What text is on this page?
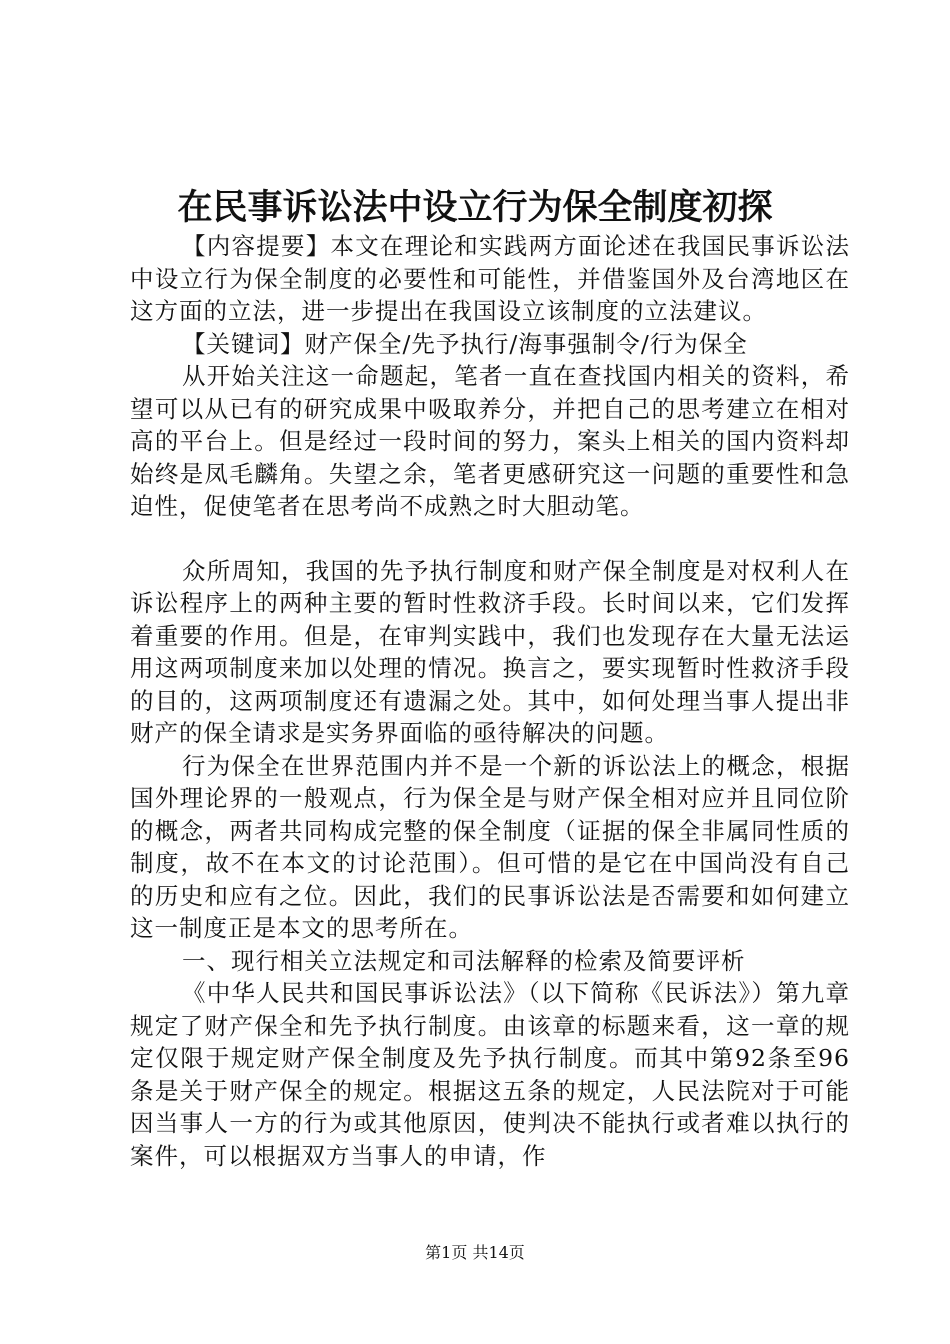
在民事诉讼法中设立行为保全制度初探

【内容提要】本文在理论和实践两方面论述在我国民事诉讼法中设立行为保全制度的必要性和可能性，并借鉴国外及台湾地区在这方面的立法，进一步提出在我国设立该制度的立法建议。

【关键词】财产保全/先予执行/海事强制令/行为保全

从开始关注这一命题起，笔者一直在查找国内相关的资料，希望可以从已有的研究成果中吸取养分，并把自己的思考建立在相对高的平台上。但是经过一段时间的努力，案头上相关的国内资料却始终是凤毛麟角。失望之余，笔者更感研究这一问题的重要性和急迫性，促使笔者在思考尚不成熟之时大胆动笔。

众所周知，我国的先予执行制度和财产保全制度是对权利人在诉讼程序上的两种主要的暂时性救济手段。长时间以来，它们发挥着重要的作用。但是，在审判实践中，我们也发现存在大量无法运用这两项制度来加以处理的情况。换言之，要实现暂时性救济手段的目的，这两项制度还有遗漏之处。其中，如何处理当事人提出非财产的保全请求是实务界面临的亟待解决的问题。

行为保全在世界范围内并不是一个新的诉讼法上的概念，根据国外理论界的一般观点，行为保全是与财产保全相对应并且同位阶的概念，两者共同构成完整的保全制度（证据的保全非属同性质的制度，故不在本文的讨论范围）。但可惜的是它在中国尚没有自己的历史和应有之位。因此，我们的民事诉讼法是否需要和如何建立这一制度正是本文的思考所在。

一、现行相关立法规定和司法解释的检索及简要评析

《中华人民共和国民事诉讼法》（以下简称《民诉法》）第九章规定了财产保全和先予执行制度。由该章的标题来看，这一章的规定仅限于规定财产保全制度及先予执行制度。而其中第92条至96条是关于财产保全的规定。根据这五条的规定，人民法院对于可能因当事人一方的行为或其他原因，使判决不能执行或者难以执行的案件，可以根据双方当事人的申请，作

第1页 共14页
